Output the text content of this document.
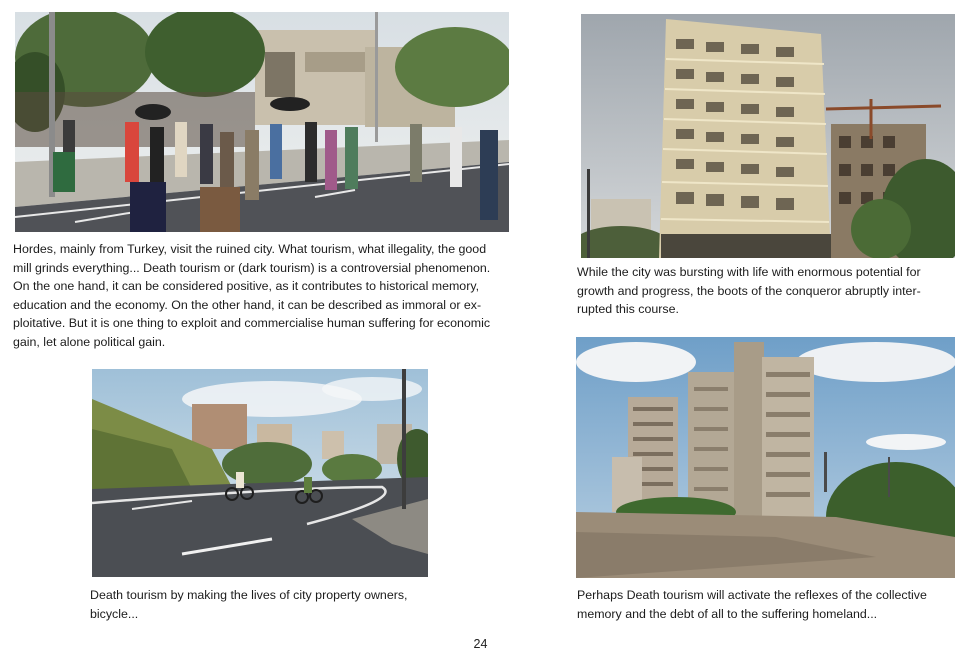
Hordes, mainly from Turkey, visit the ruined city. What tourism, what illegality, the good
mill grinds everything... Death tourism or (dark tourism) is a controversial phenomenon.
On the one hand, it can be considered positive, as it contributes to historical memory,
education and the economy. On the other hand, it can be described as immoral or ex-
ploitative. But it is one thing to exploit and commercialise human suffering for economic
gain, let alone political gain.

While the city was bursting with life with enormous potential for
growth and progress, the boots of the conqueror abruptly inter-
rupted this course.

Death tourism by making the lives of city property owners,
bicycle...

Perhaps Death tourism will activate the reflexes of the collective
memory and the debt of all to the suffering homeland...

24
